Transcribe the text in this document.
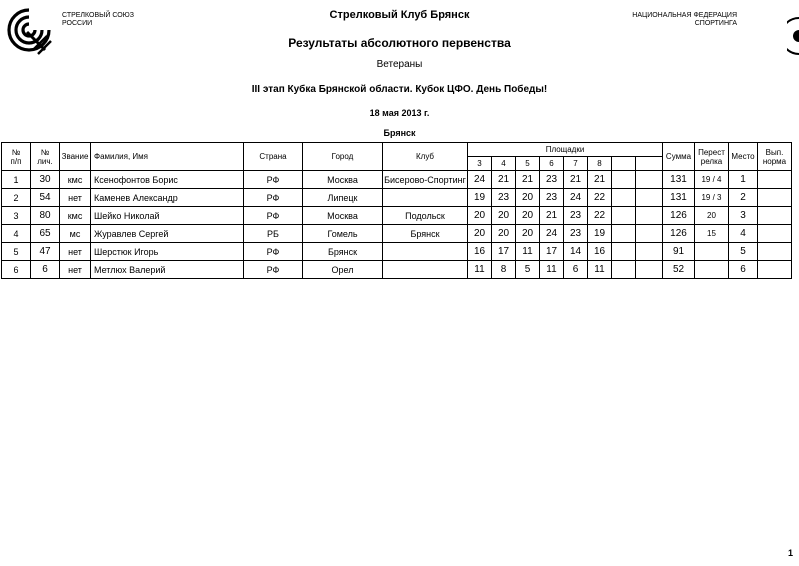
СТРЕЛКОВЫЙ СОЮЗ
РОССИИ
НАЦИОНАЛЬНАЯ ФЕДЕРАЦИЯ
СПОРТИНГА
Стрелковый Клуб Брянск
Результаты абсолютного первенства
Ветераны
III этап Кубка Брянской области. Кубок ЦФО. День Победы!
18 мая 2013 г.
Брянск
№
п/п	№
лич.	Звание	Фамилия, Имя	Страна	Город	Клуб	Площадки								Сумма	Перест
релка	Место	Вып.
норма
							3	4	5	6	7	8						
1	30	кмс	Ксенофонтов Борис	РФ	Москва	Бисерово-Спортинг	24	21	21	23	21	21			131	19 / 4	1	
2	54	нет	Каменев Александр	РФ	Липецк		19	23	20	23	24	22			131	19 / 3	2	
3	80	кмс	Шейко Николай	РФ	Москва	Подольск	20	20	20	21	23	22			126	20	3	
4	65	мс	Журавлев Сергей	РБ	Гомель	Брянск	20	20	20	24	23	19			126	15	4	
5	47	нет	Шерстюк Игорь	РФ	Брянск		16	17	11	17	14	16			91		5	
6	6	нет	Метлюх Валерий	РФ	Орел		11	8	5	11	6	11			52		6	
1
